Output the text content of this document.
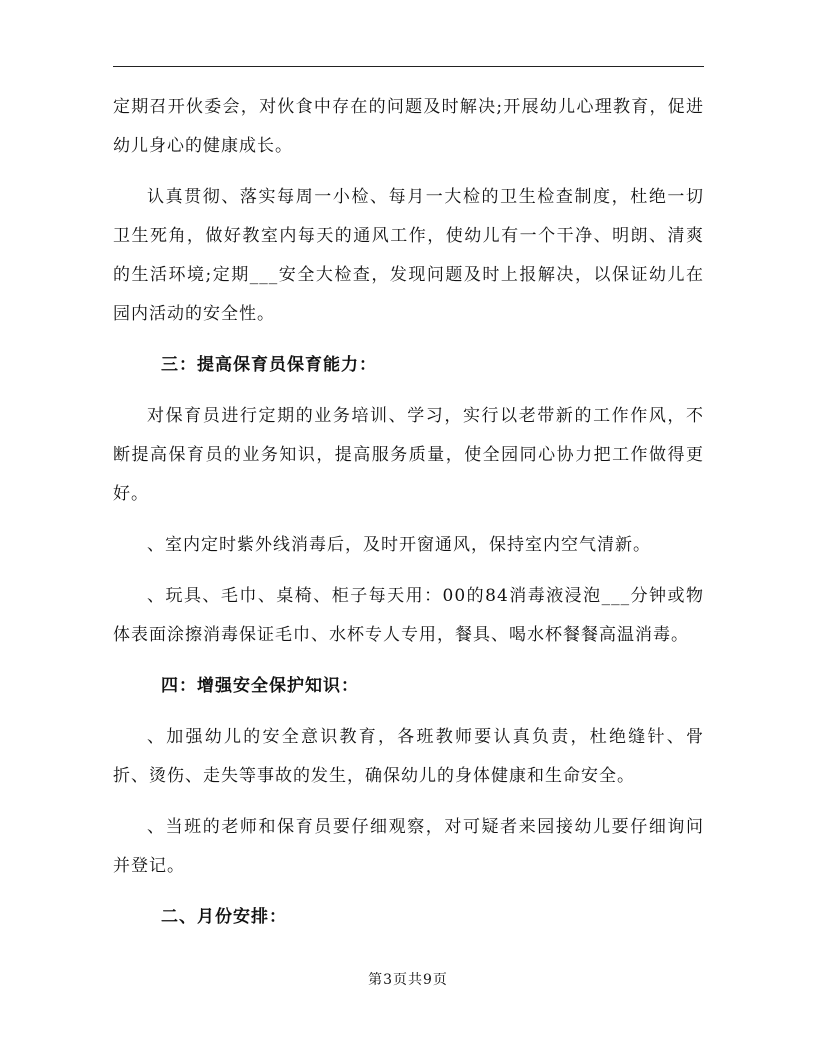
定期召开伙委会，对伙食中存在的问题及时解决;开展幼儿心理教育，促进幼儿身心的健康成长。

认真贯彻、落实每周一小检、每月一大检的卫生检查制度，杜绝一切卫生死角，做好教室内每天的通风工作，使幼儿有一个干净、明朗、清爽的生活环境;定期___安全大检查，发现问题及时上报解决，以保证幼儿在园内活动的安全性。

三：提高保育员保育能力：

对保育员进行定期的业务培训、学习，实行以老带新的工作作风，不断提高保育员的业务知识，提高服务质量，使全园同心协力把工作做得更好。

、室内定时紫外线消毒后，及时开窗通风，保持室内空气清新。

、玩具、毛巾、桌椅、柜子每天用：00的84消毒液浸泡___分钟或物体表面涂擦消毒保证毛巾、水杯专人专用，餐具、喝水杯餐餐高温消毒。

四：增强安全保护知识：

、加强幼儿的安全意识教育，各班教师要认真负责，杜绝缝针、骨折、烫伤、走失等事故的发生，确保幼儿的身体健康和生命安全。

、当班的老师和保育员要仔细观察，对可疑者来园接幼儿要仔细询问并登记。

二、月份安排：

第3页共9页
